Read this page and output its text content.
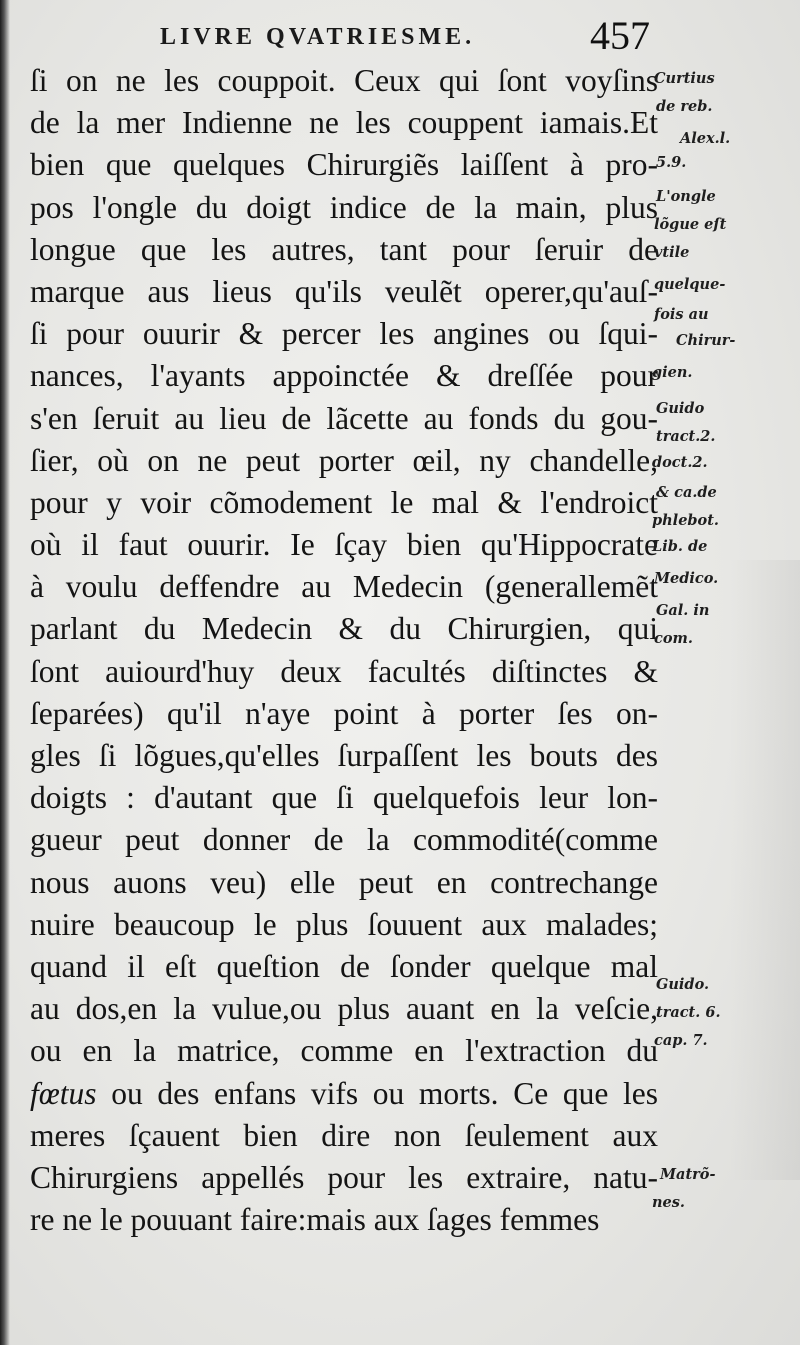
LIVRE QVATRIESME.	457
ſi on ne les couppoit. Ceux qui ſont voyſins
de la mer Indienne ne les couppent iamais.Et
bien que quelques Chirurgiẽs laiſſent à pro-
pos l'ongle du doigt indice de la main, plus
longue que les autres, tant pour ſeruir de
marque aus lieus qu'ils veulẽt operer,qu'auſ-
ſi pour ouurir & percer les angines ou ſqui-
nances, l'ayants appoinctée & dreſſée pour
s'en ſeruit au lieu de lãcette au fonds du gou-
ſier, où on ne peut porter œil, ny chandelle,
pour y voir cõmodement le mal & l'endroict
où il faut ouurir. Ie ſçay bien qu'Hippocrate
à voulu deffendre au Medecin (generallemẽt
parlant du Medecin & du Chirurgien, qui
ſont auiourd'huy deux facultés diſtinctes &
ſeparées) qu'il n'aye point à porter ſes on-
gles ſi lõgues,qu'elles ſurpaſſent les bouts des
doigts : d'autant que ſi quelquefois leur lon-
gueur peut donner de la commodité(comme
nous auons veu) elle peut en contrechange
nuire beaucoup le plus ſouuent aux malades;
quand il eſt queſtion de ſonder quelque mal
au dos,en la vulue,ou plus auant en la veſcie,
ou en la matrice, comme en l'extraction du
fœtus ou des enfans vifs ou morts. Ce que les
meres ſçauent bien dire non ſeulement aux
Chirurgiens appellés pour les extraire, natu-
re ne le pouuant faire:mais aux ſages femmes
Curtius
de reb.
Alex.l.
5.9.
L'ongle
lõgue eſt
vtile
quelque-
fois au
Chirur-
gien.
Guido
tract.2.
doct.2.
& ca.de
phlebot.
Lib. de
Medico.
Gal. in
com.
Guido.
tract. 6.
cap. 7.
Matrõ-
nes.
